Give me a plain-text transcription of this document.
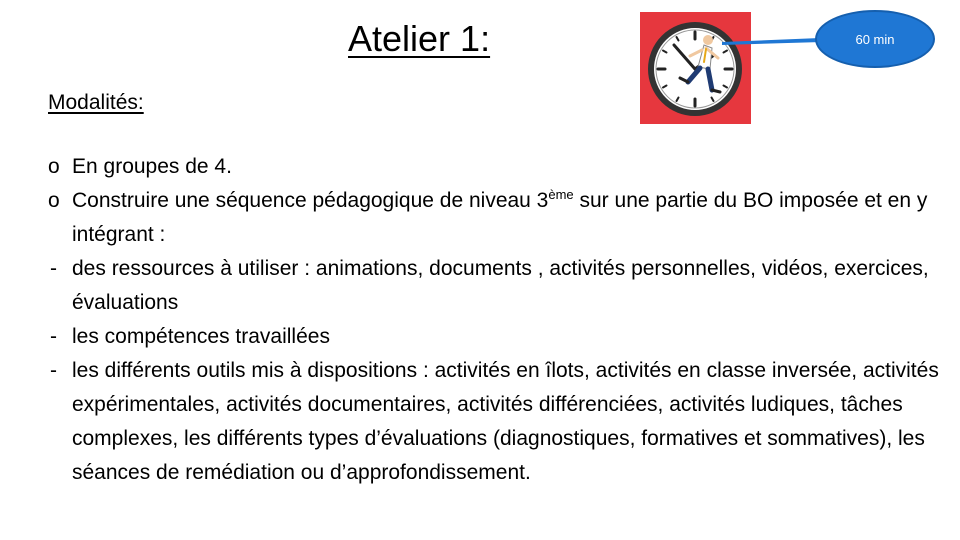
Atelier 1:	60 min
Modalités:
o En groupes de 4.
o Construire une séquence pédagogique de niveau 3ème sur une partie du BO imposée et en y intégrant :
- des ressources à utiliser : animations, documents , activités personnelles, vidéos, exercices, évaluations
- les compétences travaillées
- les différents outils mis à dispositions : activités en îlots, activités en classe inversée, activités expérimentales, activités documentaires, activités différenciées, activités ludiques, tâches complexes, les différents types d’évaluations (diagnostiques, formatives et sommatives), les séances de remédiation ou d’approfondissement.
